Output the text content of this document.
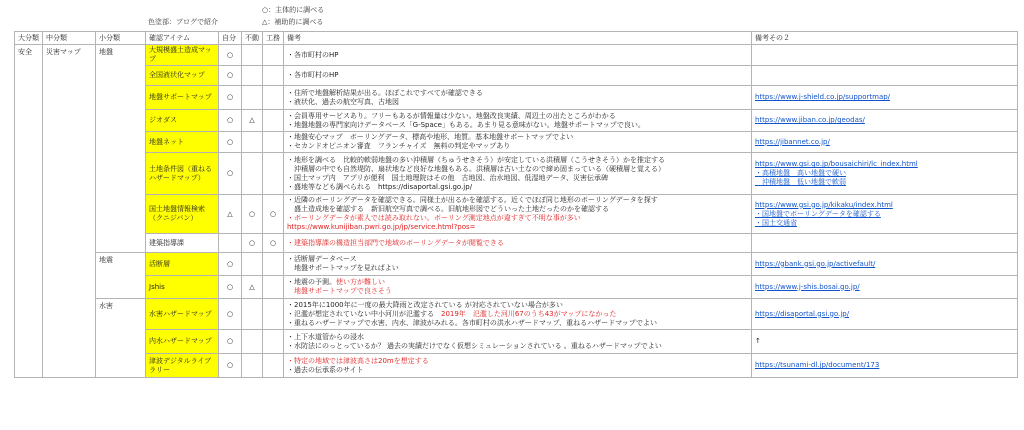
○：主体的に調べる
色塗部：ブログで紹介	△：補助的に調べる
大分類	中分類	小分類	確認アイテム	自分	不動	工務	備考	備考その２
安全	災害マップ	地盤	大規模盛土造成マップ	○			・各市町村のHP	

			全国液状化マップ	○			・各市町村のHP	

			地盤サポートマップ	○			・住所で地盤解析結果が出る。ほぼこれですべてが確認できる
・液状化、過去の航空写真、古地図	https://www.j-shield.co.jp/supportmap/

			ジオダス	○	△		・会員専用サービスあり。フリーもあるが情報量は少ない。地盤改良実績、周辺土の出たところがわかる
・地盤地盤の専門家向けデータベース「G-Space」もある。あまり見る意味がない。地盤サポートマップで良い。	https://www.jiban.co.jp/geodas/

			地盤ネット	○			・地盤安心マップ　ボーリングデータ、標高や地形、地質。基本地盤サポートマップでよい
・セカンドオピニオン審査　フランチャイズ　無料の判定やマップあり	https://jibannet.co.jp/

			土地条件図（重ねるハザードマップ）	○			・地形を調べる　比較的軟弱地盤の多い沖積層（ちゅうせきそう）が安定している洪積層（こうせきそう）かを推定する
　沖積層の中でも自然堤防、扇状地など良好な地盤もある。洪積層は古い土なので締め固まっている（硬積層と覚える）
・国土マップ内　アプリが便利　国土地理院はその他　古地図、治水地図、低湿地データ、災害伝承碑
・盛地等なども調べられる　https://disaportal.gsi.go.jp/	https://www.gsi.go.jp/bousaichiri/lc_index.html
・高積地盤　高い地盤で硬い
　沖積地盤　低い地盤で軟弱

			国土地盤情報検索（クニジバン）	△	○	○	・近隣のボーリングデータを確認できる。同様土が出るかを確認する。近くでほぼ同じ地形のボーリングデータを探す
　盛土造成地を確認する　新旧航空写真で調べる。旧航地形図でどういった土地だったのかを確認する
・ボーリングデータが素人では読み取れない。ボーリング測定地点が違すぎて不明な事が多い
https://www.kunijiban.pwri.go.jp/jp/service.html?pos=	https://www.gsi.go.jp/kikaku/index.html
・国地盤でボーリングデータを確認する
・国土交通省

			建築指導課		○	○	・建築指導課の構造担当部門で地域のボーリングデータが閲覧できる	

		地震	活断層	○			・活断層データベース
　地盤サポートマップを見ればよい	https://gbank.gsi.go.jp/activefault/

			Jshis	○	△		・地震の予測。使い方が難しい
　地盤サポートマップで良さそう	https://www.j-shis.bosai.go.jp/

		水害	水害ハザードマップ	○			・2015年に1000年に一度の最大降雨と改定されている が対応されていない場合が多い
・氾濫が想定されていない中小河川が氾濫する　2019年　氾濫した河川67のうち43がマップになかった
・重ねるハザードマップで水害、内水、津波がみれる。各市町村の洪水ハザードマップ、重ねるハザードマップでよい	https://disaportal.gsi.go.jp/

			内水ハザードマップ	○			・上下水道管からの浸水
・水防法にのっとっているか？ 過去の実績だけでなく仮想シミュレーションされている 。重ねるハザードマップでよい	↑

			津波デジタルライブラリー	○			・特定の地域では津波高さは20mを想定する
・過去の伝承系のサイト	https://tsunami-dl.jp/document/173
